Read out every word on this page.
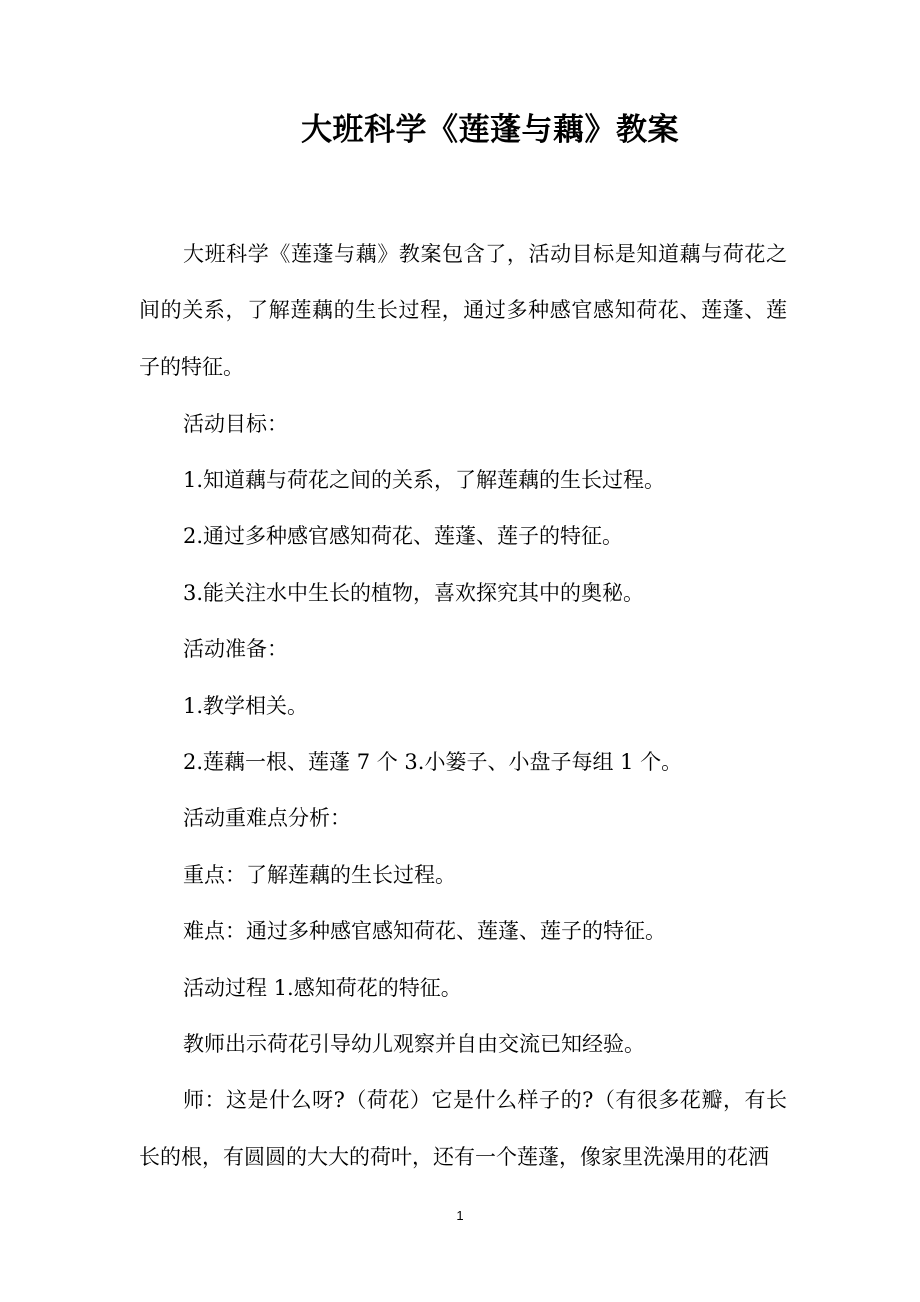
大班科学《莲蓬与藕》教案

大班科学《莲蓬与藕》教案包含了，活动目标是知道藕与荷花之间的关系，了解莲藕的生长过程，通过多种感官感知荷花、莲蓬、莲子的特征。

活动目标：

1.知道藕与荷花之间的关系，了解莲藕的生长过程。

2.通过多种感官感知荷花、莲蓬、莲子的特征。

3.能关注水中生长的植物，喜欢探究其中的奥秘。

活动准备：

1.教学相关。

2.莲藕一根、莲蓬 7 个 3.小篓子、小盘子每组 1 个。

活动重难点分析：

重点：了解莲藕的生长过程。

难点：通过多种感官感知荷花、莲蓬、莲子的特征。

活动过程 1.感知荷花的特征。

教师出示荷花引导幼儿观察并自由交流已知经验。

师：这是什么呀?（荷花）它是什么样子的?（有很多花瓣，有长长的根，有圆圆的大大的荷叶，还有一个莲蓬，像家里洗澡用的花洒

1
